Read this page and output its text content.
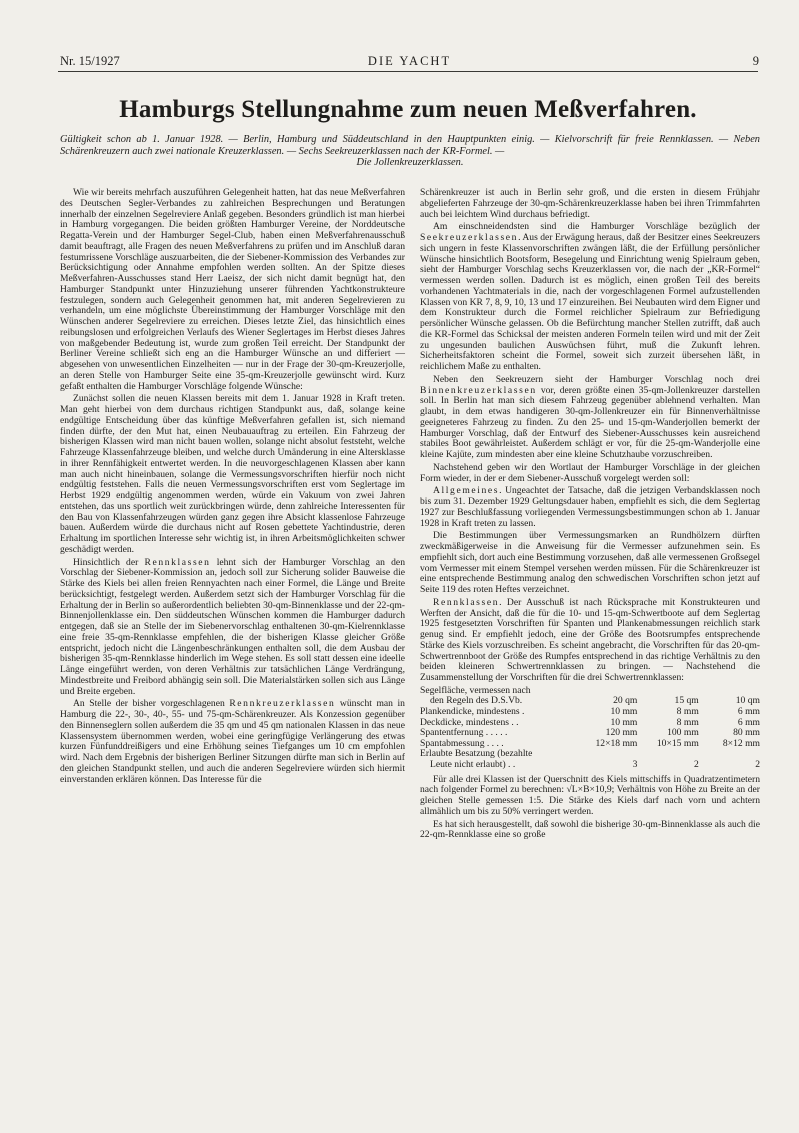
Nr. 15/1927	DIE YACHT	9
Hamburgs Stellungnahme zum neuen Meßverfahren.
Gültigkeit schon ab 1. Januar 1928. — Berlin, Hamburg und Süddeutschland in den Hauptpunkten einig. — Kielvorschrift für freie Rennklassen. — Neben Schärenkreuzern auch zwei nationale Kreuzerklassen. — Sechs Seekreuzerklassen nach der KR-Formel. —
Die Jollenkreuzerklassen.

Wie wir bereits mehrfach auszuführen Gelegenheit hatten, hat das neue Meßverfahren des Deutschen Segler-Verbandes zu zahlreichen Besprechungen und Beratungen innerhalb der einzelnen Segelreviere Anlaß gegeben. Besonders gründlich ist man hierbei in Hamburg vorgegangen. Die beiden größten Hamburger Vereine, der Norddeutsche Regatta-Verein und der Hamburger Segel-Club, haben einen Meßverfahrenausschuß damit beauftragt, alle Fragen des neuen Meßverfahrens zu prüfen und im Anschluß daran festumrissene Vorschläge auszuarbeiten, die der Siebener-Kommission des Verbandes zur Berücksichtigung oder Annahme empfohlen werden sollten. An der Spitze dieses Meßverfahren-Ausschusses stand Herr Laeisz, der sich nicht damit begnügt hat, den Hamburger Standpunkt unter Hinzuziehung unserer führenden Yachtkonstrukteure festzulegen, sondern auch Gelegenheit genommen hat, mit anderen Segelrevieren zu verhandeln, um eine möglichste Übereinstimmung der Hamburger Vorschläge mit den Wünschen anderer Segelreviere zu erreichen. Dieses letzte Ziel, das hinsichtlich eines reibungslosen und erfolgreichen Verlaufs des Wiener Seglertages im Herbst dieses Jahres von maßgebender Bedeutung ist, wurde zum großen Teil erreicht. Der Standpunkt der Berliner Vereine schließt sich eng an die Hamburger Wünsche an und differiert — abgesehen von unwesentlichen Einzelheiten — nur in der Frage der 30-qm-Kreuzerjolle, an deren Stelle von Hamburger Seite eine 35-qm-Kreuzerjolle gewünscht wird. Kurz gefaßt enthalten die Hamburger Vorschläge folgende Wünsche:

Zunächst sollen die neuen Klassen bereits mit dem 1. Januar 1928 in Kraft treten. Man geht hierbei von dem durchaus richtigen Standpunkt aus, daß, solange keine endgültige Entscheidung über das künftige Meßverfahren gefallen ist, sich niemand finden dürfte, der den Mut hat, einen Neubauauftrag zu erteilen. Ein Fahrzeug der bisherigen Klassen wird man nicht bauen wollen, solange nicht absolut feststeht, welche Fahrzeuge Klassenfahrzeuge bleiben, und welche durch Umänderung in eine Altersklasse in ihrer Rennfähigkeit entwertet werden. In die neuvorgeschlagenen Klassen aber kann man auch nicht hineinbauen, solange die Vermessungsvorschriften hierfür noch nicht endgültig feststehen. Falls die neuen Vermessungsvorschriften erst vom Seglertage im Herbst 1929 endgültig angenommen werden, würde ein Vakuum von zwei Jahren entstehen, das uns sportlich weit zurückbringen würde, denn zahlreiche Interessenten für den Bau von Klassenfahrzeugen würden ganz gegen ihre Absicht klassenlose Fahrzeuge bauen. Außerdem würde die durchaus nicht auf Rosen gebettete Yachtindustrie, deren Erhaltung im sportlichen Interesse sehr wichtig ist, in ihren Arbeitsmöglichkeiten schwer geschädigt werden.

Hinsichtlich der Rennklassen lehnt sich der Hamburger Vorschlag an den Vorschlag der Siebener-Kommission an, jedoch soll zur Sicherung solider Bauweise die Stärke des Kiels bei allen freien Rennyachten nach einer Formel, die Länge und Breite berücksichtigt, festgelegt werden. Außerdem setzt sich der Hamburger Vorschlag für die Erhaltung der in Berlin so außerordentlich beliebten 30-qm-Binnenklasse und der 22-qm-Binnenjollenklasse ein. Den süddeutschen Wünschen kommen die Hamburger dadurch entgegen, daß sie an Stelle der im Siebenervorschlag enthaltenen 30-qm-Kielrennklasse eine freie 35-qm-Rennklasse empfehlen, die der bisherigen Klasse gleicher Größe entspricht, jedoch nicht die Längenbeschränkungen enthalten soll, die dem Ausbau der bisherigen 35-qm-Rennklasse hinderlich im Wege stehen. Es soll statt dessen eine ideelle Länge eingeführt werden, von deren Verhältnis zur tatsächlichen Länge Verdrängung, Mindestbreite und Freibord abhängig sein soll. Die Materialstärken sollen sich aus Länge und Breite ergeben.

An Stelle der bisher vorgeschlagenen Rennkreuzerklassen wünscht man in Hamburg die 22-, 30-, 40-, 55- und 75-qm-Schärenkreuzer. Als Konzession gegenüber den Binnenseglern sollen außerdem die 35 qm und 45 qm nationalen Klassen in das neue Klassensystem übernommen werden, wobei eine geringfügige Verlängerung des etwas kurzen Fünfunddreißigers und eine Erhöhung seines Tiefganges um 10 cm empfohlen wird. Nach dem Ergebnis der bisherigen Berliner Sitzungen dürfte man sich in Berlin auf den gleichen Standpunkt stellen, und auch die anderen Segelreviere würden sich hiermit einverstanden erklären können. Das Interesse für die

Schärenkreuzer ist auch in Berlin sehr groß, und die ersten in diesem Frühjahr abgelieferten Fahrzeuge der 30-qm-Schärenkreuzerklasse haben bei ihren Trimmfahrten auch bei leichtem Wind durchaus befriedigt.

Am einschneidendsten sind die Hamburger Vorschläge bezüglich der Seekreuzerklassen. Aus der Erwägung heraus, daß der Besitzer eines Seekreuzers sich ungern in feste Klassenvorschriften zwängen läßt, die der Erfüllung persönlicher Wünsche hinsichtlich Bootsform, Besegelung und Einrichtung wenig Spielraum geben, sieht der Hamburger Vorschlag sechs Kreuzerklassen vor, die nach der „KR-Formel“ vermessen werden sollen. Dadurch ist es möglich, einen großen Teil des bereits vorhandenen Yachtmaterials in die, nach der vorgeschlagenen Formel aufzustellenden Klassen von KR 7, 8, 9, 10, 13 und 17 einzureihen. Bei Neubauten wird dem Eigner und dem Konstrukteur durch die Formel reichlicher Spielraum zur Befriedigung persönlicher Wünsche gelassen. Ob die Befürchtung mancher Stellen zutrifft, daß auch die KR-Formel das Schicksal der meisten anderen Formeln teilen wird und mit der Zeit zu ungesunden baulichen Auswüchsen führt, muß die Zukunft lehren. Sicherheitsfaktoren scheint die Formel, soweit sich zurzeit übersehen läßt, in reichlichem Maße zu enthalten.

Neben den Seekreuzern sieht der Hamburger Vorschlag noch drei Binnenkreuzerklassen vor, deren größte einen 35-qm-Jollenkreuzer darstellen soll. In Berlin hat man sich diesem Fahrzeug gegenüber ablehnend verhalten. Man glaubt, in dem etwas handigeren 30-qm-Jollenkreuzer ein für Binnenverhältnisse geeigneteres Fahrzeug zu finden. Zu den 25- und 15-qm-Wanderjollen bemerkt der Hamburger Vorschlag, daß der Entwurf des Siebener-Ausschusses kein ausreichend stabiles Boot gewährleistet. Außerdem schlägt er vor, für die 25-qm-Wanderjolle eine kleine Kajüte, zum mindesten aber eine kleine Schutzhaube vorzuschreiben.

Nachstehend geben wir den Wortlaut der Hamburger Vorschläge in der gleichen Form wieder, in der er dem Siebener-Ausschuß vorgelegt werden soll:

Allgemeines. Ungeachtet der Tatsache, daß die jetzigen Verbandsklassen noch bis zum 31. Dezember 1929 Geltungsdauer haben, empfiehlt es sich, die dem Seglertag 1927 zur Beschlußfassung vorliegenden Vermessungsbestimmungen schon ab 1. Januar 1928 in Kraft treten zu lassen.

Die Bestimmungen über Vermessungsmarken an Rundhölzern dürften zweckmäßigerweise in die Anweisung für die Vermesser aufzunehmen sein. Es empfiehlt sich, dort auch eine Bestimmung vorzusehen, daß alle vermessenen Großsegel vom Vermesser mit einem Stempel versehen werden müssen. Für die Schärenkreuzer ist eine entsprechende Bestimmung analog den schwedischen Vorschriften schon jetzt auf Seite 119 des roten Heftes verzeichnet.

Rennklassen. Der Ausschuß ist nach Rücksprache mit Konstrukteuren und Werften der Ansicht, daß die für die 10- und 15-qm-Schwertboote auf dem Seglertag 1925 festgesetzten Vorschriften für Spanten und Plankenabmessungen reichlich stark genug sind. Er empfiehlt jedoch, eine der Größe des Bootsrumpfes entsprechende Stärke des Kiels vorzuschreiben. Es scheint angebracht, die Vorschriften für das 20-qm-Schwertrennboot der Größe des Rumpfes entsprechend in das richtige Verhältnis zu den beiden kleineren Schwertrennklassen zu bringen. — Nachstehend die Zusammenstellung der Vorschriften für die drei Schwertrennklassen:

Segelfläche, vermessen nach			
den Regeln des D.S.Vb.	20 qm	15 qm	10 qm
Plankendicke, mindestens .	10 mm	8 mm	6 mm
Deckdicke, mindestens . .	10 mm	8 mm	6 mm
Spantentfernung . . . . .	120 mm	100 mm	80 mm
Spantabmessung . . . .	12×18 mm	10×15 mm	8×12 mm
Erlaubte Besatzung (bezahlte			
Leute nicht erlaubt) . .	3	2	2

Für alle drei Klassen ist der Querschnitt des Kiels mittschiffs in Quadratzentimetern nach folgender Formel zu berechnen: √L×B×10,9; Verhältnis von Höhe zu Breite an der gleichen Stelle gemessen 1:5. Die Stärke des Kiels darf nach vorn und achtern allmählich um bis zu 50% verringert werden.

Es hat sich herausgestellt, daß sowohl die bisherige 30-qm-Binnenklasse als auch die 22-qm-Rennklasse eine so große
